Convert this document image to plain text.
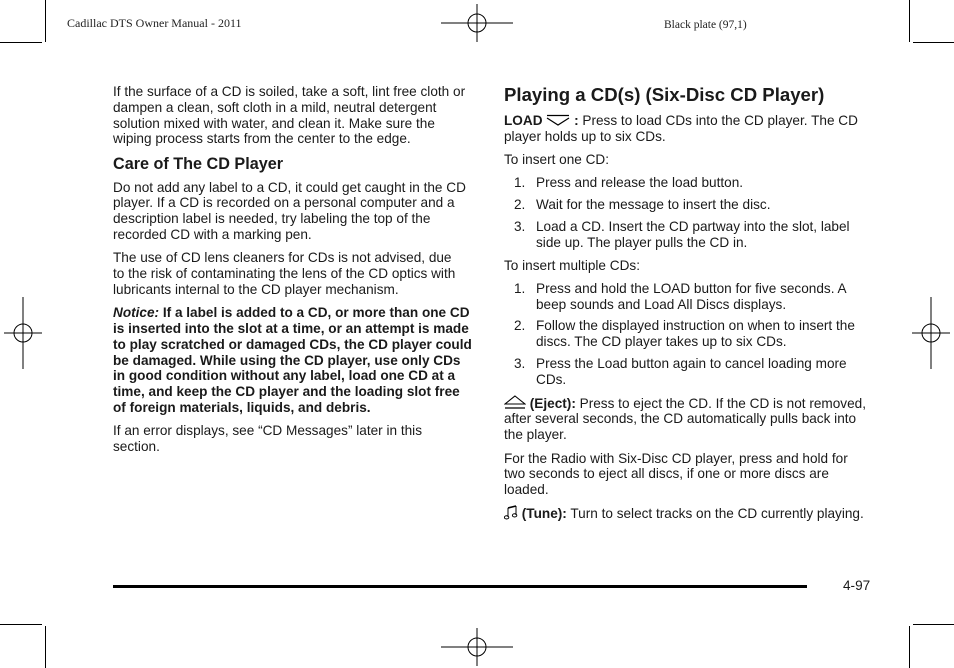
Cadillac DTS Owner Manual - 2011	Black plate (97,1)

If the surface of a CD is soiled, take a soft, lint free cloth or dampen a clean, soft cloth in a mild, neutral detergent solution mixed with water, and clean it. Make sure the wiping process starts from the center to the edge.

Care of The CD Player

Do not add any label to a CD, it could get caught in the CD player. If a CD is recorded on a personal computer and a description label is needed, try labeling the top of the recorded CD with a marking pen.

The use of CD lens cleaners for CDs is not advised, due to the risk of contaminating the lens of the CD optics with lubricants internal to the CD player mechanism.

Notice: If a label is added to a CD, or more than one CD is inserted into the slot at a time, or an attempt is made to play scratched or damaged CDs, the CD player could be damaged. While using the CD player, use only CDs in good condition without any label, load one CD at a time, and keep the CD player and the loading slot free of foreign materials, liquids, and debris.

If an error displays, see “CD Messages” later in this section.

Playing a CD(s) (Six-Disc CD Player)

LOAD : Press to load CDs into the CD player. The CD player holds up to six CDs.

To insert one CD:

1. Press and release the load button.
2. Wait for the message to insert the disc.
3. Load a CD. Insert the CD partway into the slot, label side up. The player pulls the CD in.

To insert multiple CDs:

1. Press and hold the LOAD button for five seconds. A beep sounds and Load All Discs displays.
2. Follow the displayed instruction on when to insert the discs. The CD player takes up to six CDs.
3. Press the Load button again to cancel loading more CDs.

(Eject): Press to eject the CD. If the CD is not removed, after several seconds, the CD automatically pulls back into the player.

For the Radio with Six-Disc CD player, press and hold for two seconds to eject all discs, if one or more discs are loaded.

(Tune): Turn to select tracks on the CD currently playing.

4-97
